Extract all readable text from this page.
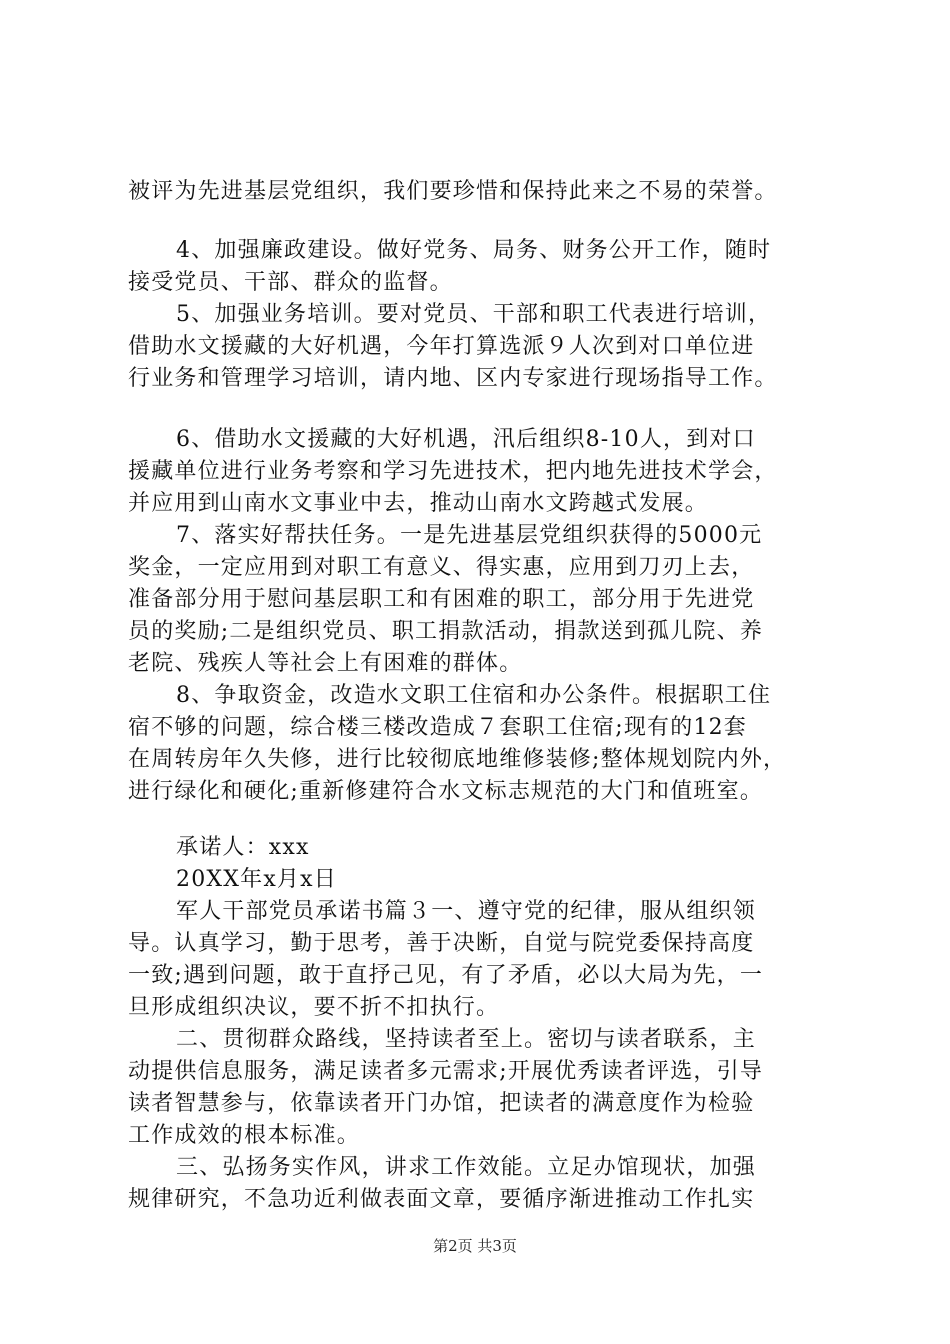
被评为先进基层党组织，我们要珍惜和保持此来之不易的荣誉。
4、加强廉政建设。做好党务、局务、财务公开工作，随时
接受党员、干部、群众的监督。
5、加强业务培训。要对党员、干部和职工代表进行培训，
借助水文援藏的大好机遇，今年打算选派９人次到对口单位进
行业务和管理学习培训，请内地、区内专家进行现场指导工作。
6、借助水文援藏的大好机遇，汛后组织8-10人，到对口
援藏单位进行业务考察和学习先进技术，把内地先进技术学会，
并应用到山南水文事业中去，推动山南水文跨越式发展。
7、落实好帮扶任务。一是先进基层党组织获得的5000元
奖金，一定应用到对职工有意义、得实惠，应用到刀刃上去，
准备部分用于慰问基层职工和有困难的职工，部分用于先进党
员的奖励;二是组织党员、职工捐款活动，捐款送到孤儿院、养
老院、残疾人等社会上有困难的群体。
8、争取资金，改造水文职工住宿和办公条件。根据职工住
宿不够的问题，综合楼三楼改造成７套职工住宿;现有的12套
在周转房年久失修，进行比较彻底地维修装修;整体规划院内外，
进行绿化和硬化;重新修建符合水文标志规范的大门和值班室。
承诺人：xxx
20XX年x月x日
军人干部党员承诺书篇３一、遵守党的纪律，服从组织领
导。认真学习，勤于思考，善于决断，自觉与院党委保持高度
一致;遇到问题，敢于直抒己见，有了矛盾，必以大局为先，一
旦形成组织决议，要不折不扣执行。
二、贯彻群众路线，坚持读者至上。密切与读者联系，主
动提供信息服务，满足读者多元需求;开展优秀读者评选，引导
读者智慧参与，依靠读者开门办馆，把读者的满意度作为检验
工作成效的根本标准。
三、弘扬务实作风，讲求工作效能。立足办馆现状，加强
规律研究，不急功近利做表面文章，要循序渐进推动工作扎实
第2页 共3页
